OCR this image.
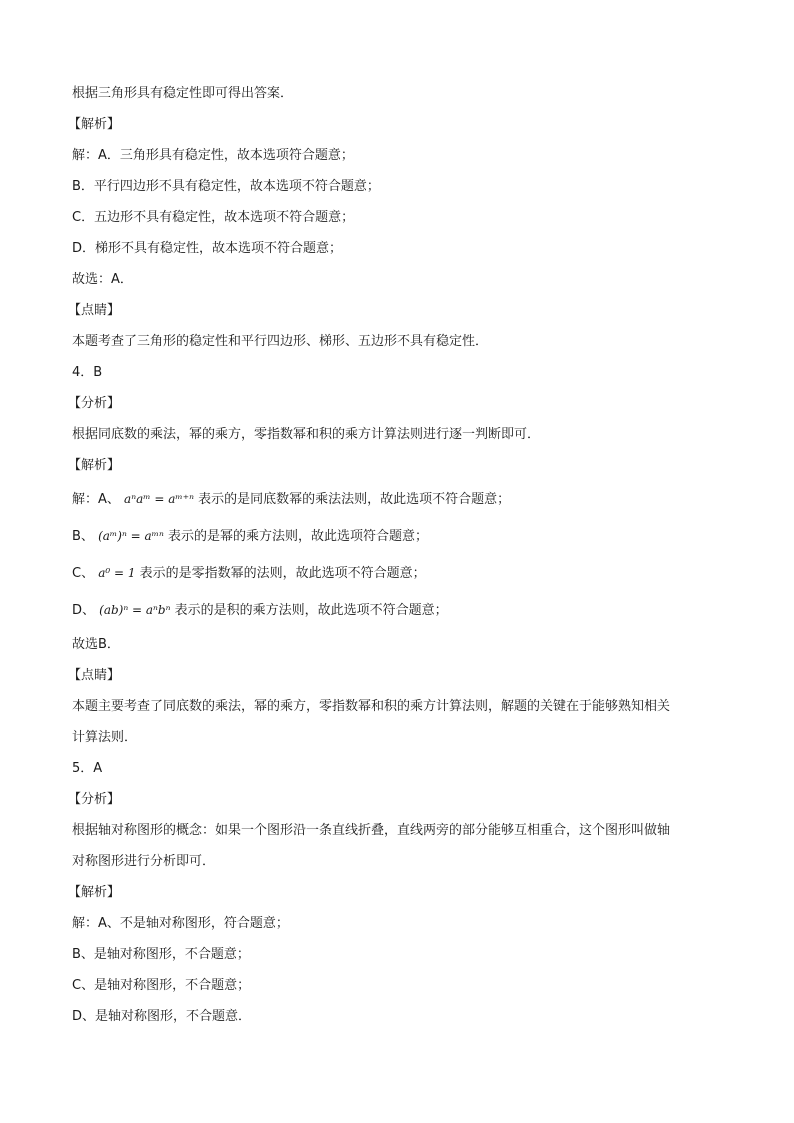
根据三角形具有稳定性即可得出答案．
【解析】
解：A．三角形具有稳定性，故本选项符合题意；
B．平行四边形不具有稳定性，故本选项不符合题意；
C．五边形不具有稳定性，故本选项不符合题意；
D．梯形不具有稳定性，故本选项不符合题意；
故选：A．
【点睛】
本题考查了三角形的稳定性和平行四边形、梯形、五边形不具有稳定性．
4．B
【分析】
根据同底数的乘法，幂的乘方，零指数幂和积的乘方计算法则进行逐一判断即可．
【解析】
解：A、 aⁿaᵐ = aᵐ⁺ⁿ 表示的是同底数幂的乘法法则，故此选项不符合题意；
B、 (aᵐ)ⁿ = aᵐⁿ 表示的是幂的乘方法则，故此选项符合题意；
C、 a⁰ = 1 表示的是零指数幂的法则，故此选项不符合题意；
D、 (ab)ⁿ = aⁿbⁿ 表示的是积的乘方法则，故此选项不符合题意；
故选B．
【点睛】
本题主要考查了同底数的乘法，幂的乘方，零指数幂和积的乘方计算法则，解题的关键在于能够熟知相关
计算法则．
5．A
【分析】
根据轴对称图形的概念：如果一个图形沿一条直线折叠，直线两旁的部分能够互相重合，这个图形叫做轴
对称图形进行分析即可．
【解析】
解：A、不是轴对称图形，符合题意；
B、是轴对称图形，不合题意；
C、是轴对称图形，不合题意；
D、是轴对称图形，不合题意．
